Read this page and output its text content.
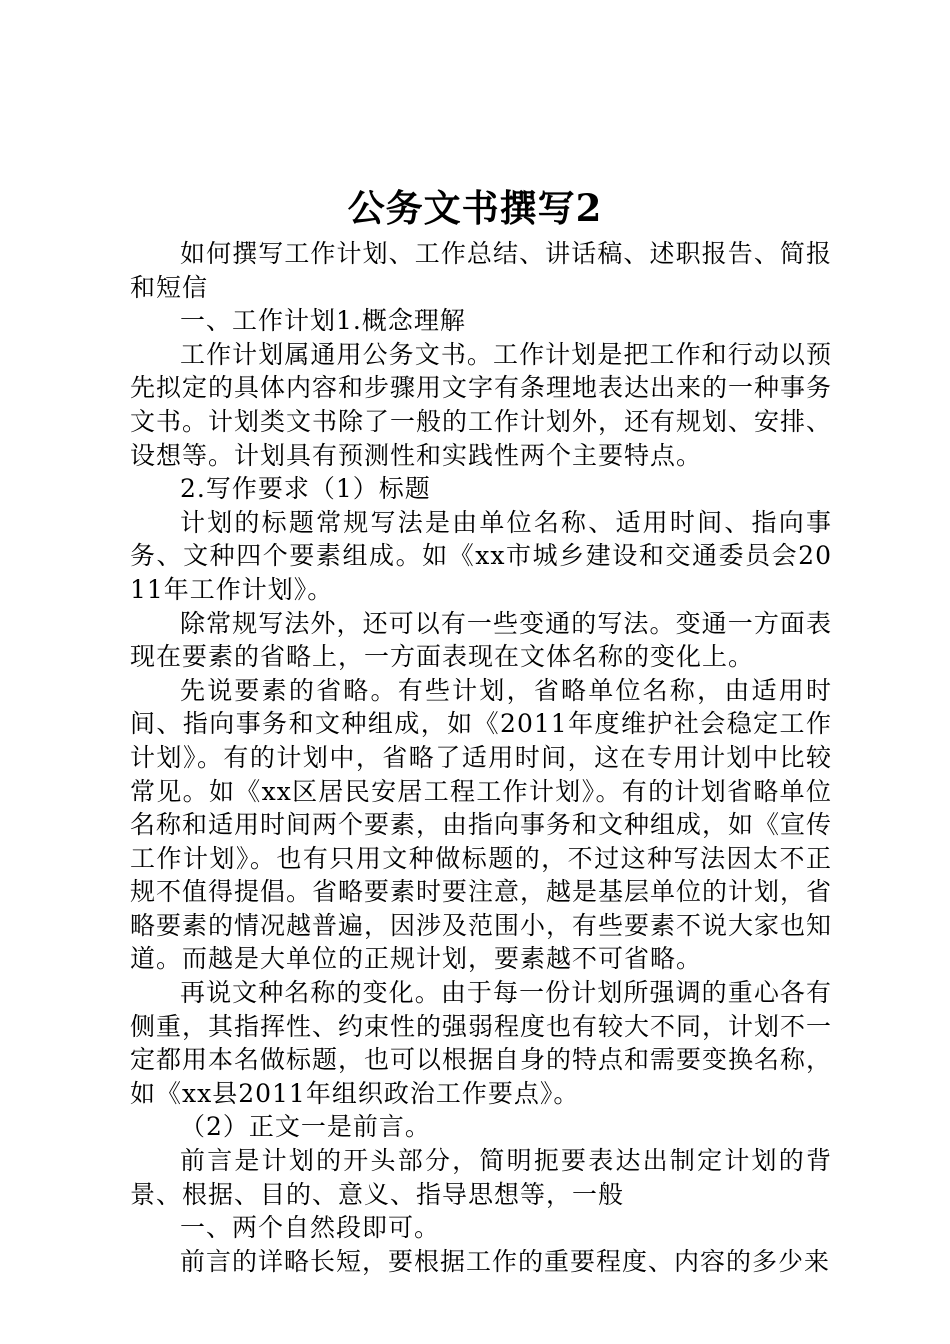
公务文书撰写2

如何撰写工作计划、工作总结、讲话稿、述职报告、简报和短信

一、工作计划1.概念理解

工作计划属通用公务文书。工作计划是把工作和行动以预先拟定的具体内容和步骤用文字有条理地表达出来的一种事务文书。计划类文书除了一般的工作计划外，还有规划、安排、设想等。计划具有预测性和实践性两个主要特点。

2.写作要求（1）标题

计划的标题常规写法是由单位名称、适用时间、指向事务、文种四个要素组成。如《xx市城乡建设和交通委员会2011年工作计划》。

除常规写法外，还可以有一些变通的写法。变通一方面表现在要素的省略上，一方面表现在文体名称的变化上。

先说要素的省略。有些计划，省略单位名称，由适用时间、指向事务和文种组成，如《2011年度维护社会稳定工作计划》。有的计划中，省略了适用时间，这在专用计划中比较常见。如《xx区居民安居工程工作计划》。有的计划省略单位名称和适用时间两个要素，由指向事务和文种组成，如《宣传工作计划》。也有只用文种做标题的，不过这种写法因太不正规不值得提倡。省略要素时要注意，越是基层单位的计划，省略要素的情况越普遍，因涉及范围小，有些要素不说大家也知道。而越是大单位的正规计划，要素越不可省略。

再说文种名称的变化。由于每一份计划所强调的重心各有侧重，其指挥性、约束性的强弱程度也有较大不同，计划不一定都用本名做标题，也可以根据自身的特点和需要变换名称，如《xx县2011年组织政治工作要点》。

（2）正文一是前言。

前言是计划的开头部分，简明扼要表达出制定计划的背景、根据、目的、意义、指导思想等，一般

一、两个自然段即可。

前言的详略长短，要根据工作的重要程度、内容的多少来
